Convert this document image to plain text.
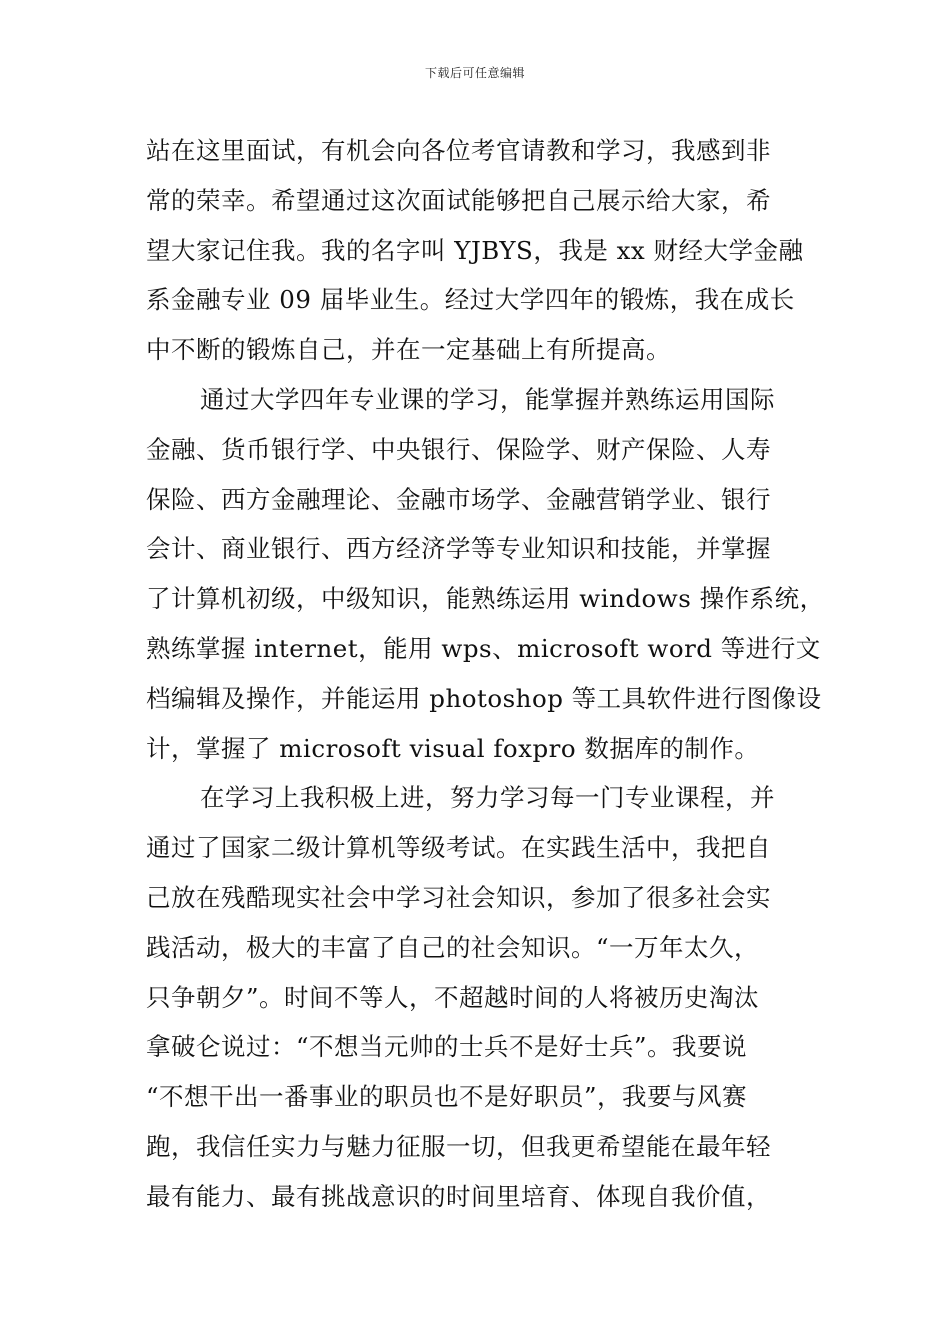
下载后可任意编辑
站在这里面试，有机会向各位考官请教和学习，我感到非
常的荣幸。希望通过这次面试能够把自己展示给大家，希
望大家记住我。我的名字叫 YJBYS，我是 xx 财经大学金融
系金融专业 09 届毕业生。经过大学四年的锻炼，我在成长
中不断的锻炼自己，并在一定基础上有所提高。
通过大学四年专业课的学习，能掌握并熟练运用国际
金融、货币银行学、中央银行、保险学、财产保险、人寿
保险、西方金融理论、金融市场学、金融营销学业、银行
会计、商业银行、西方经济学等专业知识和技能，并掌握
了计算机初级，中级知识，能熟练运用 windows 操作系统，
熟练掌握 internet，能用 wps、microsoft word 等进行文
档编辑及操作，并能运用 photoshop 等工具软件进行图像设
计，掌握了 microsoft visual foxpro 数据库的制作。
在学习上我积极上进，努力学习每一门专业课程，并
通过了国家二级计算机等级考试。在实践生活中，我把自
己放在残酷现实社会中学习社会知识，参加了很多社会实
践活动，极大的丰富了自己的社会知识。“一万年太久，
只争朝夕”。时间不等人，不超越时间的人将被历史淘汰
拿破仑说过：“不想当元帅的士兵不是好士兵”。我要说
“不想干出一番事业的职员也不是好职员”，我要与风赛
跑，我信任实力与魅力征服一切，但我更希望能在最年轻
最有能力、最有挑战意识的时间里培育、体现自我价值，
